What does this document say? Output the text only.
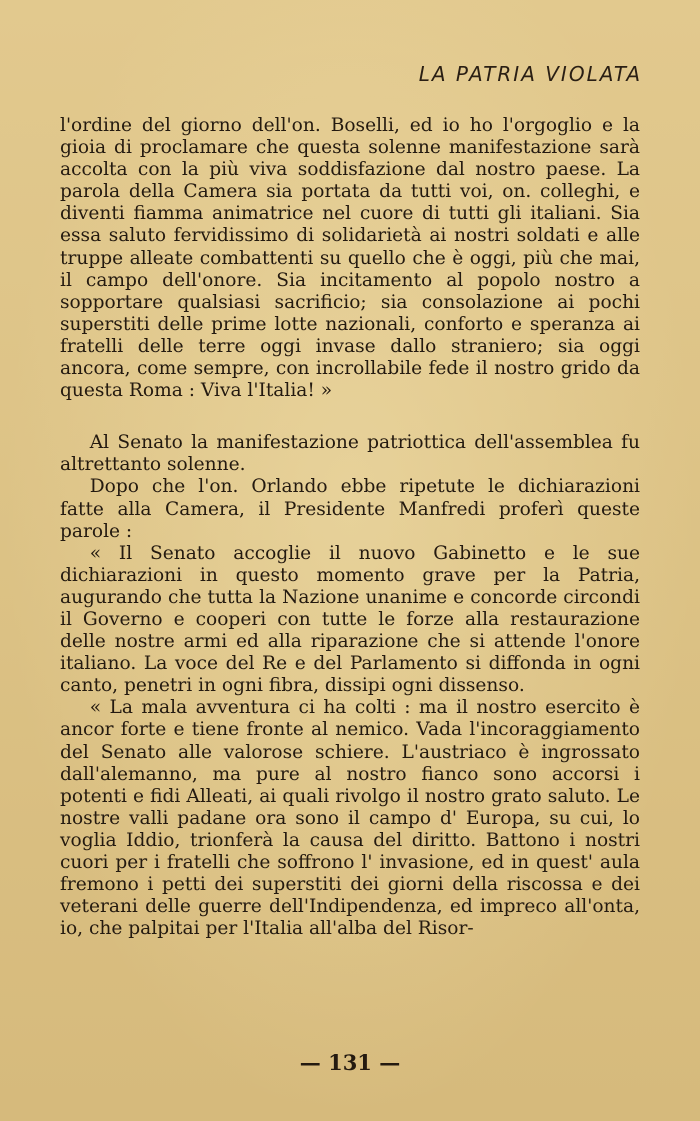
LA PATRIA VIOLATA

l'ordine del giorno dell'on. Boselli, ed io ho l'orgoglio e la gioia di proclamare che questa solenne manifestazione sarà accolta con la più viva soddisfazione dal nostro paese. La parola della Camera sia portata da tutti voi, on. colleghi, e diventi fiamma animatrice nel cuore di tutti gli italiani. Sia essa saluto fervidissimo di solidarietà ai nostri soldati e alle truppe alleate combattenti su quello che è oggi, più che mai, il campo dell'onore. Sia incitamento al popolo nostro a sopportare qualsiasi sacrificio; sia consolazione ai pochi superstiti delle prime lotte nazionali, conforto e speranza ai fratelli delle terre oggi invase dallo straniero; sia oggi ancora, come sempre, con incrollabile fede il nostro grido da questa Roma : Viva l'Italia! »

Al Senato la manifestazione patriottica dell'assemblea fu altrettanto solenne.

Dopo che l'on. Orlando ebbe ripetute le dichiarazioni fatte alla Camera, il Presidente Manfredi proferì queste parole :

« Il Senato accoglie il nuovo Gabinetto e le sue dichiarazioni in questo momento grave per la Patria, augurando che tutta la Nazione unanime e concorde circondi il Governo e cooperi con tutte le forze alla restaurazione delle nostre armi ed alla riparazione che si attende l'onore italiano. La voce del Re e del Parlamento si diffonda in ogni canto, penetri in ogni fibra, dissipi ogni dissenso.

« La mala avventura ci ha colti : ma il nostro esercito è ancor forte e tiene fronte al nemico. Vada l'incoraggiamento del Senato alle valorose schiere. L'austriaco è ingrossato dall'alemanno, ma pure al nostro fianco sono accorsi i potenti e fidi Alleati, ai quali rivolgo il nostro grato saluto. Le nostre valli padane ora sono il campo d' Europa, su cui, lo voglia Iddio, trionferà la causa del diritto. Battono i nostri cuori per i fratelli che soffrono l' invasione, ed in quest' aula fremono i petti dei superstiti dei giorni della riscossa e dei veterani delle guerre dell'Indipendenza, ed impreco all'onta, io, che palpitai per l'Italia all'alba del Risor-

— 131 —
